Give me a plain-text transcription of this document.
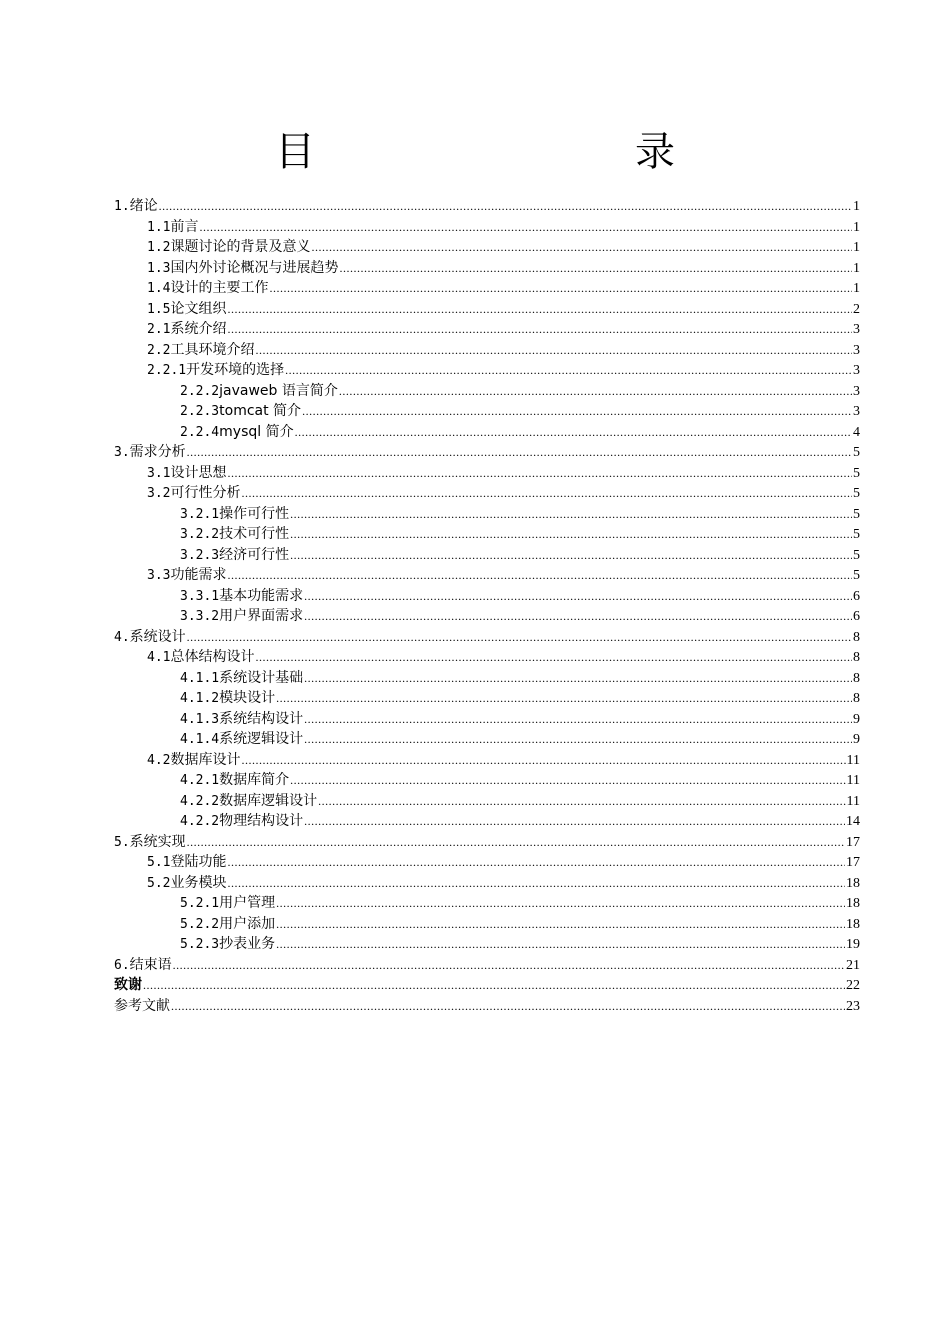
目　　录
1. 绪论 .....	1
1.1 前言 .....	1
1.2 课题讨论的背景及意义 .....	1
1.3 国内外讨论概况与进展趋势 .....	1
1.4 设计的主要工作 .....	1
1.5 论文组织 .....	2
2.1 系统介绍 .....	3
2.2 工具环境介绍 .....	3
2.2.1 开发环境的选择 .....	3
2.2.2 javaweb 语言简介 .....	3
2.2.3 tomcat 简介 .....	3
2.2.4 mysql 简介 .....	4
3. 需求分析 .....	5
3.1 设计思想 .....	5
3.2 可行性分析 .....	5
3.2.1 操作可行性 .....	5
3.2.2 技术可行性 .....	5
3.2.3 经济可行性 .....	5
3.3 功能需求 .....	5
3.3.1 基本功能需求 .....	6
3.3.2 用户界面需求 .....	6
4. 系统设计 .....	8
4.1 总体结构设计 .....	8
4.1.1 系统设计基础 .....	8
4.1.2 模块设计 .....	8
4.1.3 系统结构设计 .....	9
4.1.4 系统逻辑设计 .....	9
4.2 数据库设计 .....	11
4.2.1 数据库简介 .....	11
4.2.2 数据库逻辑设计 .....	11
4.2.2 物理结构设计 .....	14
5. 系统实现 .....	17
5.1 登陆功能 .....	17
5.2 业务模块 .....	18
5.2.1 用户管理 .....	18
5.2.2 用户添加 .....	18
5.2.3 抄表业务 .....	19
6. 结束语 .....	21
致谢 .....	22
参考文献 .....	23
